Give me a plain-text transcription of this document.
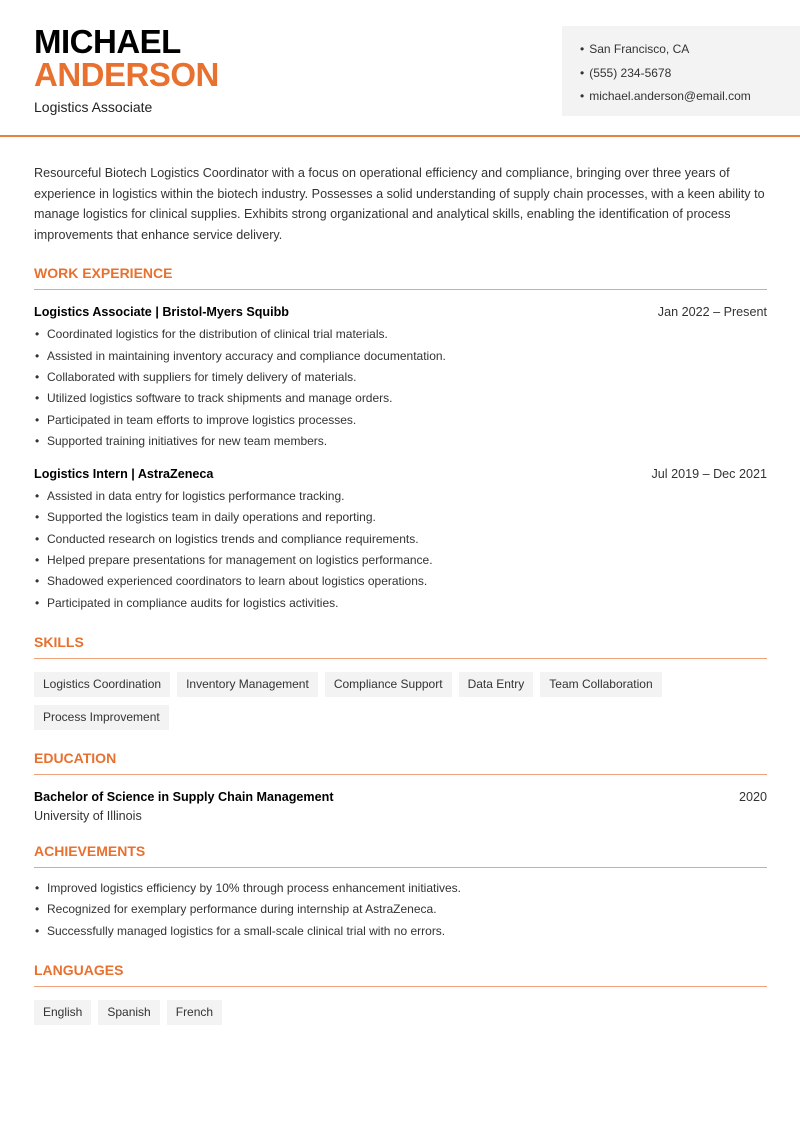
MICHAEL
ANDERSON
Logistics Associate
• San Francisco, CA
• (555) 234-5678
• michael.anderson@email.com

Resourceful Biotech Logistics Coordinator with a focus on operational efficiency and compliance, bringing over three years of experience in logistics within the biotech industry. Possesses a solid understanding of supply chain processes, with a keen ability to manage logistics for clinical supplies. Exhibits strong organizational and analytical skills, enabling the identification of process improvements that enhance service delivery.

WORK EXPERIENCE
Logistics Associate | Bristol-Myers Squibb	Jan 2022 – Present
• Coordinated logistics for the distribution of clinical trial materials.
• Assisted in maintaining inventory accuracy and compliance documentation.
• Collaborated with suppliers for timely delivery of materials.
• Utilized logistics software to track shipments and manage orders.
• Participated in team efforts to improve logistics processes.
• Supported training initiatives for new team members.
Logistics Intern | AstraZeneca	Jul 2019 – Dec 2021
• Assisted in data entry for logistics performance tracking.
• Supported the logistics team in daily operations and reporting.
• Conducted research on logistics trends and compliance requirements.
• Helped prepare presentations for management on logistics performance.
• Shadowed experienced coordinators to learn about logistics operations.
• Participated in compliance audits for logistics activities.
SKILLS
Logistics Coordination	Inventory Management	Compliance Support	Data Entry	Team Collaboration
Process Improvement
EDUCATION
Bachelor of Science in Supply Chain Management	2020
University of Illinois
ACHIEVEMENTS
• Improved logistics efficiency by 10% through process enhancement initiatives.
• Recognized for exemplary performance during internship at AstraZeneca.
• Successfully managed logistics for a small-scale clinical trial with no errors.
LANGUAGES
English	Spanish	French
